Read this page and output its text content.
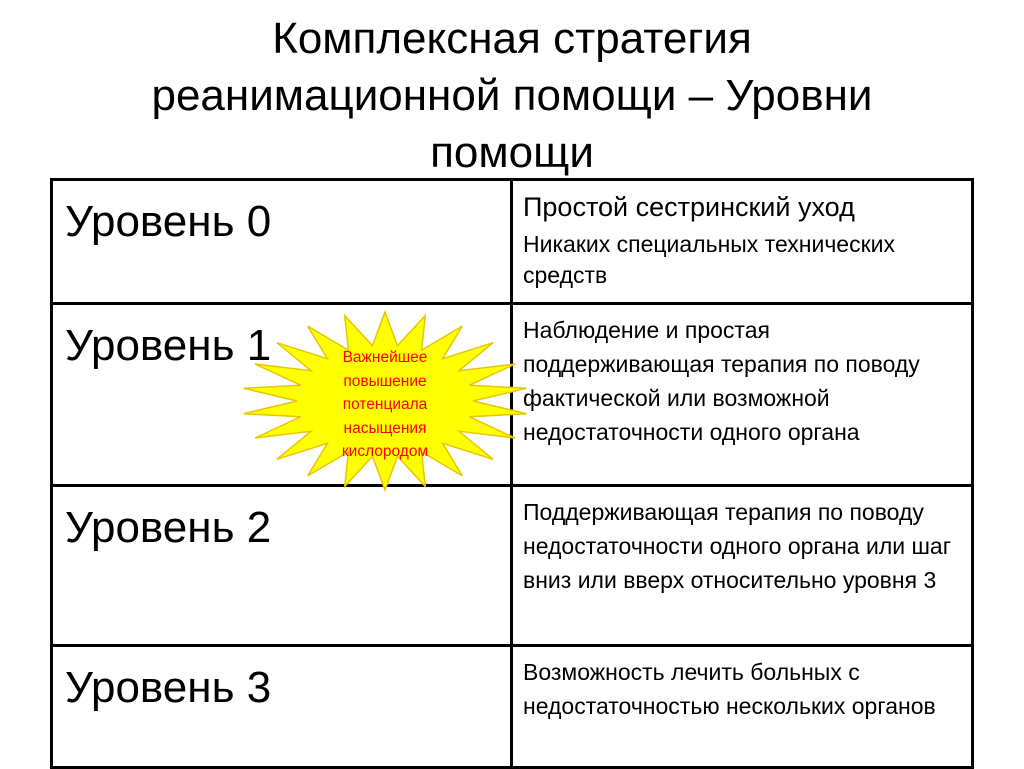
Комплексная стратегия
реанимационной помощи – Уровни
помощи
Уровень 0	Простой сестринский уход

Никаких специальных технических средств

Уровень 1	Наблюдение и простая поддерживающая терапия по поводу фактической или возможной недостаточности одного органа

Уровень 2	Поддерживающая терапия по поводу недостаточности одного органа или шаг вниз или вверх относительно уровня 3

Уровень 3	Возможность лечить больных с недостаточностью нескольких органов

Важнейшее
повышение
потенциала
насыщения
кислородом
